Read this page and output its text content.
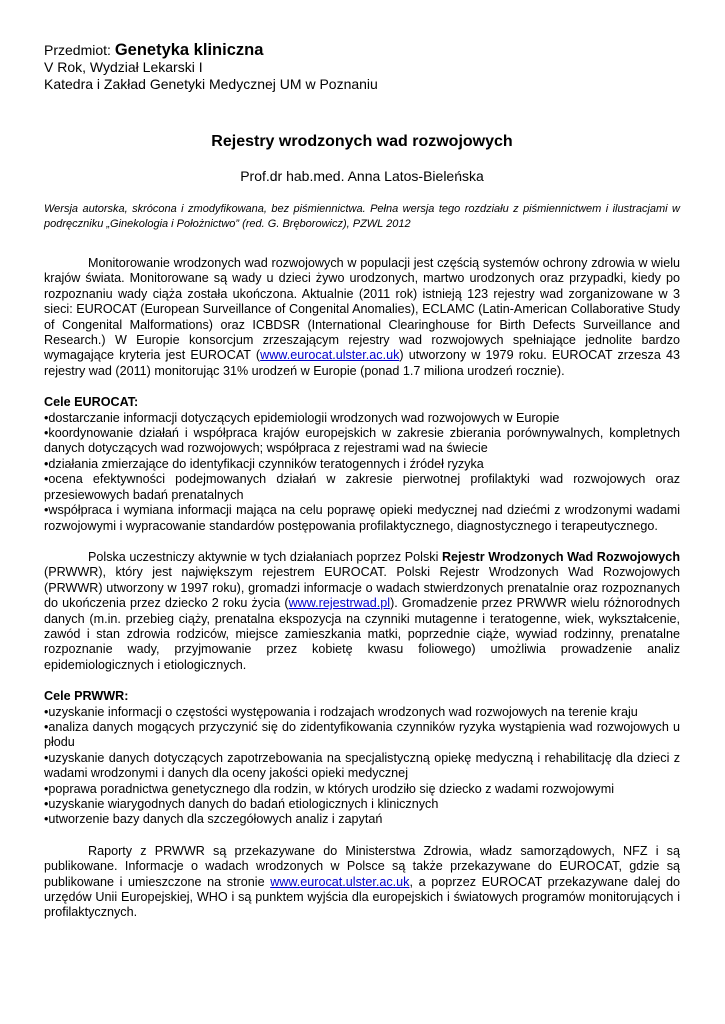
Przedmiot: Genetyka kliniczna
V Rok, Wydział Lekarski I
Katedra i Zakład Genetyki Medycznej UM w Poznaniu
Rejestry wrodzonych wad rozwojowych
Prof.dr hab.med. Anna Latos-Bieleńska
Wersja autorska, skrócona i zmodyfikowana, bez piśmiennictwa. Pełna wersja tego rozdziału z piśmiennictwem i ilustracjami w podręczniku „Ginekologia i Położnictwo” (red. G. Bręborowicz), PZWL 2012

Monitorowanie wrodzonych wad rozwojowych w populacji jest częścią systemów ochrony zdrowia w wielu krajów świata. Monitorowane są wady u dzieci żywo urodzonych, martwo urodzonych oraz przypadki, kiedy po rozpoznaniu wady ciąża została ukończona. Aktualnie (2011 rok) istnieją 123 rejestry wad zorganizowane w 3 sieci: EUROCAT (European Surveillance of Congenital Anomalies), ECLAMC (Latin-American Collaborative Study of Congenital Malformations) oraz ICBDSR (International Clearinghouse for Birth Defects Surveillance and Research.) W Europie konsorcjum zrzeszającym rejestry wad rozwojowych spełniające jednolite bardzo wymagające kryteria jest EUROCAT (www.eurocat.ulster.ac.uk) utworzony w 1979 roku. EUROCAT zrzesza 43 rejestry wad (2011) monitorując 31% urodzeń w Europie (ponad 1.7 miliona urodzeń rocznie).

Cele EUROCAT:

•dostarczanie informacji dotyczących epidemiologii wrodzonych wad rozwojowych w Europie

•koordynowanie działań i współpraca krajów europejskich w zakresie zbierania porównywalnych, kompletnych danych dotyczących wad rozwojowych; współpraca z rejestrami wad na świecie

•działania zmierzające do identyfikacji czynników teratogennych i źródeł ryzyka

•ocena efektywności podejmowanych działań w zakresie pierwotnej profilaktyki wad rozwojowych oraz przesiewowych badań prenatalnych

•współpraca i wymiana informacji mająca na celu poprawę opieki medycznej nad dziećmi z wrodzonymi wadami rozwojowymi i wypracowanie standardów postępowania profilaktycznego, diagnostycznego i terapeutycznego.

Polska uczestniczy aktywnie w tych działaniach poprzez Polski Rejestr Wrodzonych Wad Rozwojowych (PRWWR), który jest największym rejestrem EUROCAT. Polski Rejestr Wrodzonych Wad Rozwojowych (PRWWR) utworzony w 1997 roku), gromadzi informacje o wadach stwierdzonych prenatalnie oraz rozpoznanych do ukończenia przez dziecko 2 roku życia (www.rejestrwad.pl). Gromadzenie przez PRWWR wielu różnorodnych danych (m.in. przebieg ciąży, prenatalna ekspozycja na czynniki mutagenne i teratogenne, wiek, wykształcenie, zawód i stan zdrowia rodziców, miejsce zamieszkania matki, poprzednie ciąże, wywiad rodzinny, prenatalne rozpoznanie wady, przyjmowanie przez kobietę kwasu foliowego) umożliwia prowadzenie analiz epidemiologicznych i etiologicznych.

Cele PRWWR:

•uzyskanie informacji o częstości występowania i rodzajach wrodzonych wad rozwojowych na terenie kraju

•analiza danych mogących przyczynić się do zidentyfikowania czynników ryzyka wystąpienia wad rozwojowych u płodu

•uzyskanie danych dotyczących zapotrzebowania na specjalistyczną opiekę medyczną i rehabilitację dla dzieci z wadami wrodzonymi i danych dla oceny jakości opieki medycznej

•poprawa poradnictwa genetycznego dla rodzin, w których urodziło się dziecko z wadami rozwojowymi

•uzyskanie wiarygodnych danych do badań etiologicznych i klinicznych

•utworzenie bazy danych dla szczegółowych analiz i zapytań

Raporty z PRWWR są przekazywane do Ministerstwa Zdrowia, władz samorządowych, NFZ i są publikowane. Informacje o wadach wrodzonych w Polsce są także przekazywane do EUROCAT, gdzie są publikowane i umieszczone na stronie www.eurocat.ulster.ac.uk, a poprzez EUROCAT przekazywane dalej do urzędów Unii Europejskiej, WHO i są punktem wyjścia dla europejskich i światowych programów monitorujących i profilaktycznych.
